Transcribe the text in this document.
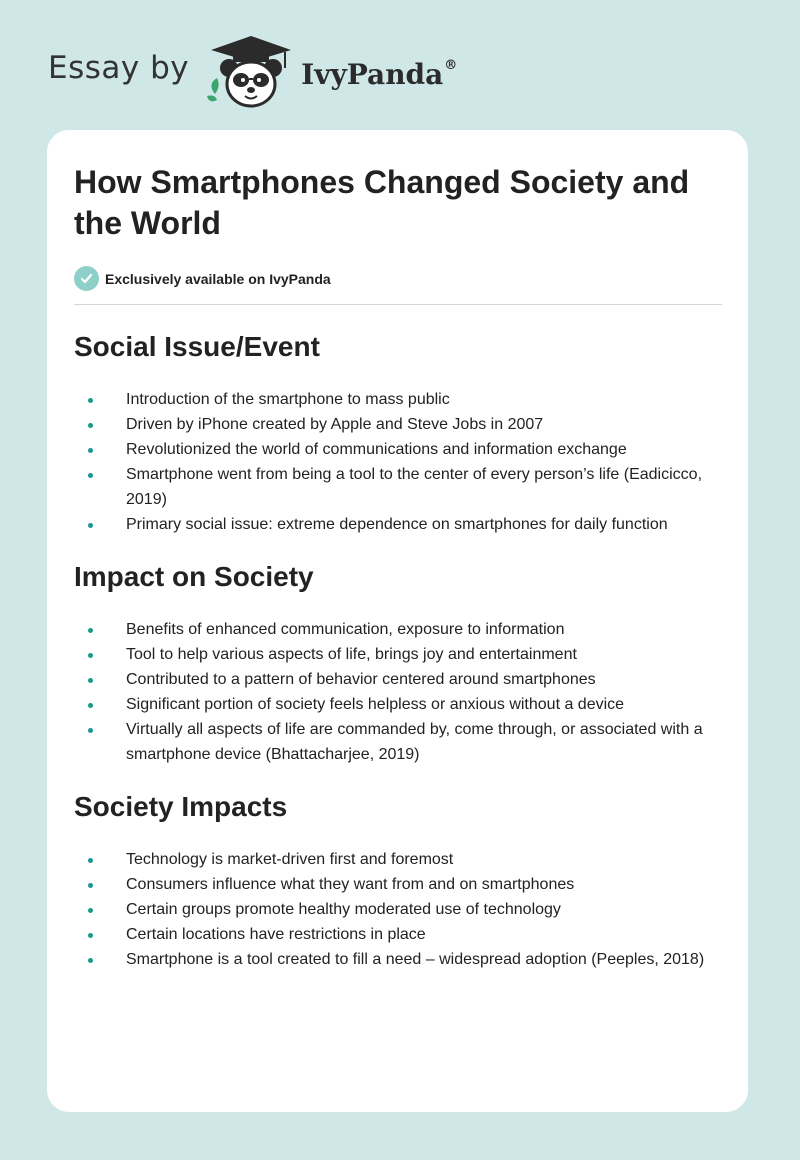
Essay by	IvyPanda®
How Smartphones Changed Society and the World
Exclusively available on IvyPanda
Social Issue/Event
Introduction of the smartphone to mass public
Driven by iPhone created by Apple and Steve Jobs in 2007
Revolutionized the world of communications and information exchange
Smartphone went from being a tool to the center of every person’s life (Eadicicco, 2019)
Primary social issue: extreme dependence on smartphones for daily function
Impact on Society
Benefits of enhanced communication, exposure to information
Tool to help various aspects of life, brings joy and entertainment
Contributed to a pattern of behavior centered around smartphones
Significant portion of society feels helpless or anxious without a device
Virtually all aspects of life are commanded by, come through, or associated with a smartphone device (Bhattacharjee, 2019)
Society Impacts
Technology is market-driven first and foremost
Consumers influence what they want from and on smartphones
Certain groups promote healthy moderated use of technology
Certain locations have restrictions in place
Smartphone is a tool created to fill a need – widespread adoption (Peeples, 2018)
